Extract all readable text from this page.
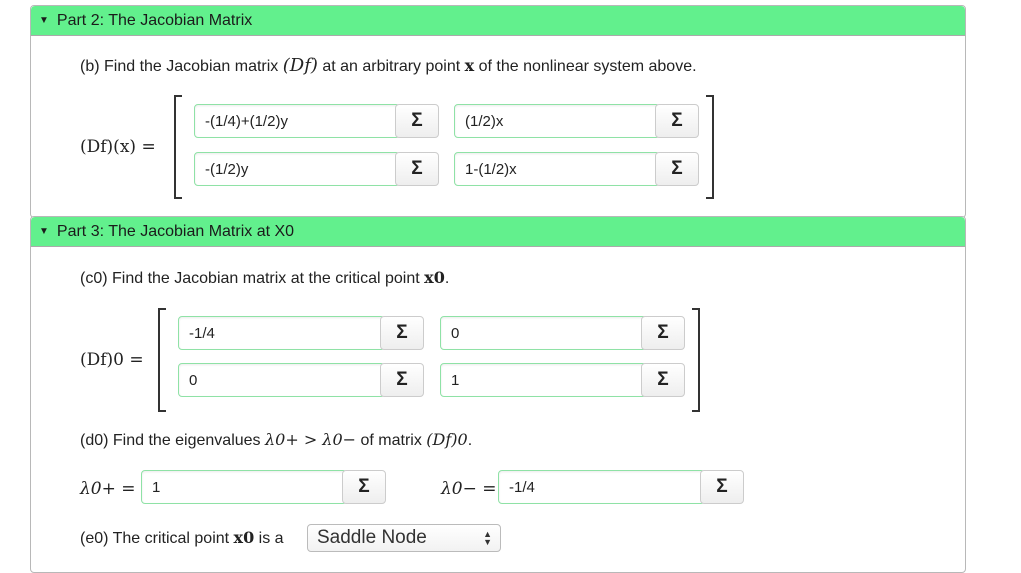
▼ Part 2: The Jacobian Matrix
(b) Find the Jacobian matrix (Df) at an arbitrary point x of the nonlinear system above.
(Df)(x) =
-(1/4)+(1/2)y	Σ	(1/2)x	Σ
-(1/2)y	Σ	1-(1/2)x	Σ
▼ Part 3: The Jacobian Matrix at X0
(c0) Find the Jacobian matrix at the critical point x0.
(Df)0 =
-1/4	Σ	0	Σ
0	Σ	1	Σ
(d0) Find the eigenvalues λ0+ > λ0− of matrix (Df)0.
λ0+ =	1	Σ	λ0− = -1/4	Σ
(e0) The critical point x0 is a	Saddle Node	▲
▼
